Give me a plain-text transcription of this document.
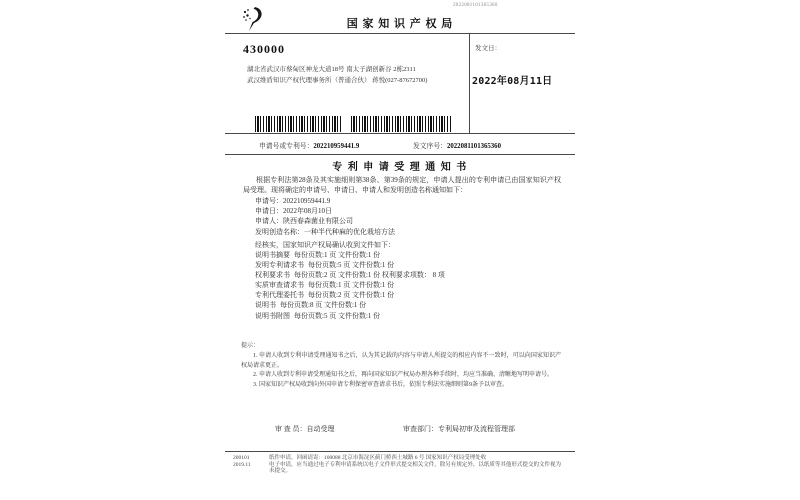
2022081101365360
国 家 知 识 产 权 局
430000
湖北省武汉市蔡甸区神龙大道18号 南太子湖创新谷 2栋2311
武汉维盾知识产权代理事务所（普通合伙） 蒋悦(027-87672700)
发文日：
2022年08月11日
申请号或专利号：202210959441.9	发文序号：2022081101365360
专 利 申 请 受 理 通 知 书
根据专利法第28条及其实施细则第38条、第39条的规定，申请人提出的专利申请已由国家知识产权局受理。现将确定的申请号、申请日、申请人和发明创造名称通知如下：
申请号：202210959441.9
申请日：2022年08月10日
申请人：陕西春森菌业有限公司
发明创造名称：一种半代种麻的优化栽培方法
经核实，国家知识产权局确认收到文件如下：
说明书摘要 每份页数:1 页 文件份数:1 份
发明专利请求书 每份页数:5 页 文件份数:1 份
权利要求书 每份页数:2 页 文件份数:1 份 权利要求项数： 8 项
实质审查请求书 每份页数:1 页 文件份数:1 份
专利代理委托书 每份页数:2 页 文件份数:1 份
说明书 每份页数:8 页 文件份数:1 份
说明书附图 每份页数:5 页 文件份数:1 份

提示：

1. 申请人收到专利申请受理通知书之后，认为其记载的内容与申请人所提交的相应内容不一致时，可以向国家知识产权局请求更正。

2. 申请人收到专利申请受理通知书之后，再向国家知识产权局办理各种手续时，均应当准确、清晰地写明申请号。

3. 国家知识产权局收到向外国申请专利保密审查请求书后，依照专利法实施细则第9条予以审查。

审 查 员：自动受理	审查部门：专利局初审及流程管理部
200101
2019.11

纸件申请，回函请寄：100088 北京市海淀区蓟门桥西土城路 6 号 国家知识产权局受理处收

电子申请，应当通过电子专利申请系统以电子文件形式提交相关文件，除另有规定外，以纸质等其他形式提交的文件视为未提交。
